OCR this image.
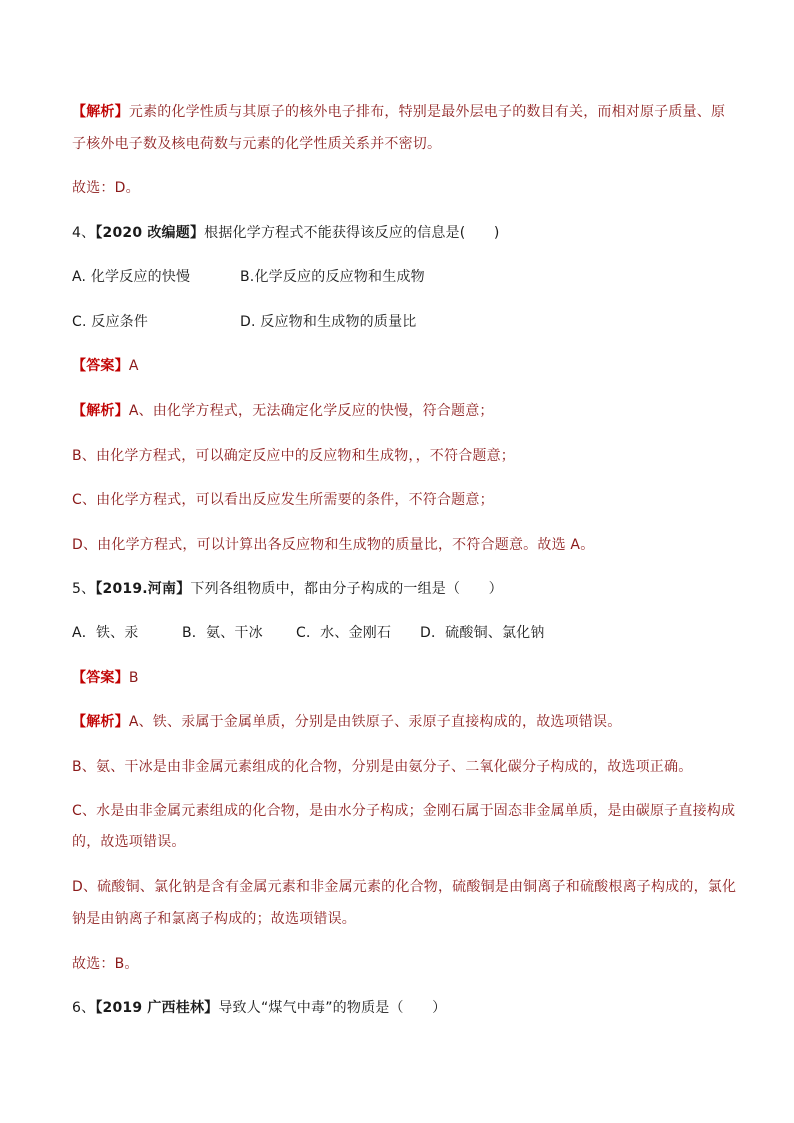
【解析】元素的化学性质与其原子的核外电子排布，特别是最外层电子的数目有关，而相对原子质量、原
子核外电子数及核电荷数与元素的化学性质关系并不密切。
故选：D。
4、【2020 改编题】根据化学方程式不能获得该反应的信息是(　　)
A. 化学反应的快慢	B.化学反应的反应物和生成物
C. 反应条件	D. 反应物和生成物的质量比
【答案】A
【解析】A、由化学方程式，无法确定化学反应的快慢，符合题意；
B、由化学方程式，可以确定反应中的反应物和生成物，，不符合题意；
C、由化学方程式，可以看出反应发生所需要的条件，不符合题意；
D、由化学方程式，可以计算出各反应物和生成物的质量比，不符合题意。故选 A。
5、【2019.河南】下列各组物质中，都由分子构成的一组是（　　）
A．铁、汞	B．氨、干冰 C．水、金刚石 D．硫酸铜、氯化钠
【答案】B
【解析】A、铁、汞属于金属单质，分别是由铁原子、汞原子直接构成的，故选项错误。
B、氨、干冰是由非金属元素组成的化合物，分别是由氨分子、二氧化碳分子构成的，故选项正确。
C、水是由非金属元素组成的化合物，是由水分子构成；金刚石属于固态非金属单质，是由碳原子直接构成
的，故选项错误。
D、硫酸铜、氯化钠是含有金属元素和非金属元素的化合物，硫酸铜是由铜离子和硫酸根离子构成的，氯化
钠是由钠离子和氯离子构成的；故选项错误。
故选：B。
6、【2019 广西桂林】导致人“煤气中毒”的物质是（　　）
